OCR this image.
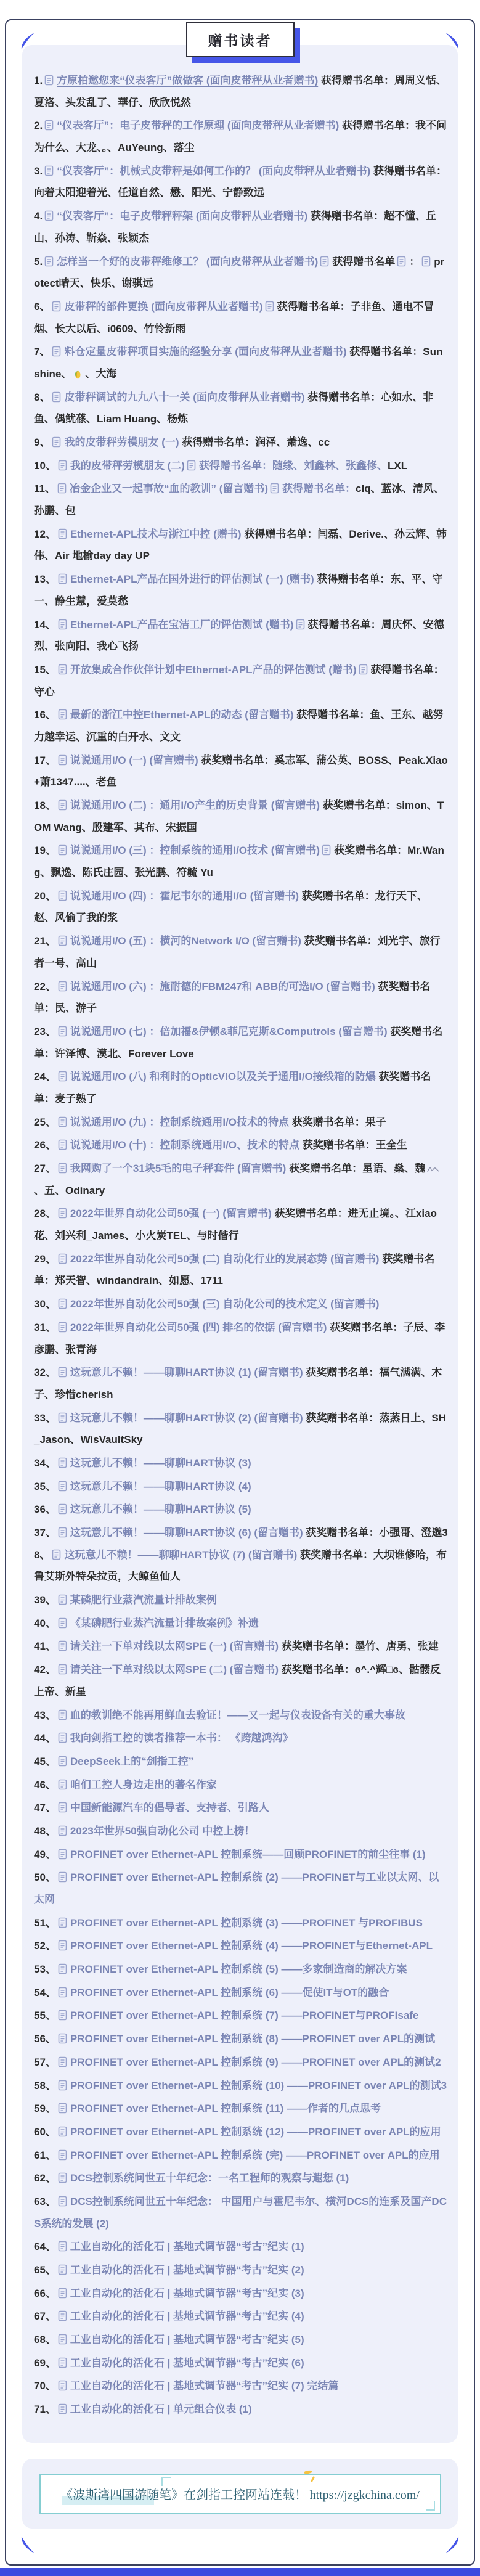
赠书读者

1. 方原柏邀您来“仪表客厅”做做客 (面向皮带秤从业者赠书) 获得赠书名单：周周义恬、夏洛、头发乱了、華仔、欣欣悦然

2. “仪表客厅”：电子皮带秤的工作原理 (面向皮带秤从业者赠书) 获得赠书名单：我不问为什么、大龙、。、AuYeung、落尘

3. “仪表客厅”：机械式皮带秤是如何工作的？ (面向皮带秤从业者赠书) 获得赠书名单：向着太阳迎着光、任道自然、懋、阳光、宁静致远

4. “仪表客厅”：电子皮带秤秤架 (面向皮带秤从业者赠书) 获得赠书名单：超不懂、丘山、孙涛、靳焱、张颖杰

5. 怎样当一个好的皮带秤维修工？ (面向皮带秤从业者赠书) 获得赠书名单 ： protect晴天、快乐、谢骐远

6、 皮带秤的部件更换 (面向皮带秤从业者赠书) 获得赠书名单：子非鱼、通电不冒烟、长大以后、i0609、竹怜新雨

7、 料仓定量皮带秤项目实施的经验分享 (面向皮带秤从业者赠书) 获得赠书名单：Sunshine、 、大海

8、 皮带秤调试的九九八十一关 (面向皮带秤从业者赠书) 获得赠书名单：心如水、非鱼、偶鱿蓧、Liam Huang、杨炼

9、 我的皮带秤劳模朋友 (一) 获得赠书名单：润泽、萧逸、cc

10、 我的皮带秤劳模朋友 (二) 获得赠书名单：随缘、刘鑫林、张鑫修、LXL

11、 冶金企业又一起事故“血的教训” (留言赠书) 获得赠书名单：clq、蓝冰、清风、孙鹏、包

12、 Ethernet-APL技术与浙江中控 (赠书) 获得赠书名单：闫磊、Derive.、孙云辉、韩伟、Air 地榆day day UP

13、 Ethernet-APL产品在国外进行的评估测试 (一) (赠书) 获得赠书名单：东、平、守一、静生慧，爱莫愁

14、 Ethernet-APL产品在宝洁工厂的评估测试 (赠书) 获得赠书名单：周庆怀、安德烈、张向阳、我心飞扬

15、 开放集成合作伙伴计划中Ethernet-APL产品的评估测试 (赠书) 获得赠书名单：守心

16、 最新的浙江中控Ethernet-APL的动态 (留言赠书) 获得赠书名单：鱼、王东、越努力越幸运、沉重的白开水、文文

17、 说说通用I/O (一) (留言赠书) 获奖赠书名单：奚志军、蒲公英、BOSS、Peak.Xiao+萧1347....、老鱼

18、 说说通用I/O (二) ：通用I/O产生的历史背景 (留言赠书) 获奖赠书名单：simon、TOM Wang、殷建军、其布、宋振国

19、 说说通用I/O (三) ：控制系统的通用I/O技术 (留言赠书) 获奖赠书名单：Mr.Wang、飘逸、陈氏庄园、张光鹏、符毓 Yu

20、 说说通用I/O (四) ：霍尼韦尔的通用I/O (留言赠书) 获奖赠书名单：龙行天下、赵、风偷了我的浆

21、 说说通用I/O (五) ：横河的Network I/O (留言赠书) 获奖赠书名单：刘光宇、旅行者一号、高山

22、 说说通用I/O (六) ：施耐德的FBM247和 ABB的可选I/O (留言赠书) 获奖赠书名单：民、游子

23、 说说通用I/O (七) ：倍加福&伊顿&菲尼克斯&Computrols (留言赠书) 获奖赠书名单：许泽博、漠北、Forever Love

24、 说说通用I/O (八) 和利时的OpticVIO以及关于通用I/O接线箱的防爆 获奖赠书名单：麦子熟了

25、 说说通用I/O (九) ：控制系统通用I/O技术的特点 获奖赠书名单：果子

26、 说说通用I/O (十) ：控制系统通用I/O、技术的特点 获奖赠书名单：王全生

27、 我网购了一个31块5毛的电子秤套件 (留言赠书) 获奖赠书名单：星语、燊、魏、五、Odinary

28、 2022年世界自动化公司50强 (一) (留言赠书) 获奖赠书名单：进无止境。、江xiao花、刘兴利_James、小火炭TEL、与时偕行

29、 2022年世界自动化公司50强 (二) 自动化行业的发展态势 (留言赠书) 获奖赠书名单：郑天智、windandrain、如愿、1711

30、 2022年世界自动化公司50强 (三) 自动化公司的技术定义 (留言赠书)

31、 2022年世界自动化公司50强 (四) 排名的依据 (留言赠书) 获奖赠书名单：子辰、李彦鹏、张青海

32、 这玩意儿不赖！——聊聊HART协议 (1) (留言赠书) 获奖赠书名单：福气满满、木子、珍惜cherish

33、 这玩意儿不赖！——聊聊HART协议 (2) (留言赠书) 获奖赠书名单：蒸蒸日上、SH_Jason、WisVaultSky

34、 这玩意儿不赖！——聊聊HART协议 (3)

35、 这玩意儿不赖！——聊聊HART协议 (4)

36、 这玩意儿不赖！——聊聊HART协议 (5)

37、 这玩意儿不赖！——聊聊HART协议 (6) (留言赠书) 获奖赠书名单：小强哥、澄邈38、 这玩意儿不赖！——聊聊HART协议 (7) (留言赠书) 获奖赠书名单：大坝谁修哈，布鲁艾斯外特朵拉贡，大鲸鱼仙人

39、 某磷肥行业蒸汽流量计排故案例

40、 《某磷肥行业蒸汽流量计排故案例》补遗

41、 请关注一下单对线以太网SPE (一) (留言赠书) 获奖赠书名单：墨竹、唐勇、张建

42、 请关注一下单对线以太网SPE (二) (留言赠书) 获奖赠书名单：ɞ^.^辉□ɞ、骷髅反上帝、新星

43、 血的教训绝不能再用鲜血去验证！——又一起与仪表设备有关的重大事故

44、 我向剑指工控的读者推荐一本书： 《跨越鸿沟》

45、 DeepSeek上的“剑指工控”

46、 咱们工控人身边走出的著名作家

47、 中国新能源汽车的倡导者、支持者、引路人

48、 2023年世界50强自动化公司 中控上榜！

49、 PROFINET over Ethernet-APL 控制系统——回顾PROFINET的前尘往事 (1)

50、 PROFINET over Ethernet-APL 控制系统 (2) ——PROFINET与工业以太网、以太网

51、 PROFINET over Ethernet-APL 控制系统 (3) ——PROFINET 与PROFIBUS

52、 PROFINET over Ethernet-APL 控制系统 (4) ——PROFINET与Ethernet-APL

53、 PROFINET over Ethernet-APL 控制系统 (5) ——多家制造商的解决方案

54、 PROFINET over Ethernet-APL 控制系统 (6) ——促使IT与OT的融合

55、 PROFINET over Ethernet-APL 控制系统 (7) ——PROFINET与PROFIsafe

56、 PROFINET over Ethernet-APL 控制系统 (8) ——PROFINET over APL的测试

57、 PROFINET over Ethernet-APL 控制系统 (9) ——PROFINET over APL的测试2

58、 PROFINET over Ethernet-APL 控制系统 (10) ——PROFINET over APL的测试3

59、 PROFINET over Ethernet-APL 控制系统 (11) ——作者的几点思考

60、 PROFINET over Ethernet-APL 控制系统 (12) ——PROFINET over APL的应用

61、 PROFINET over Ethernet-APL 控制系统 (完) ——PROFINET over APL的应用

62、 DCS控制系统问世五十年纪念：一名工程师的观察与遐想 (1)

63、 DCS控制系统问世五十年纪念： 中国用户与霍尼韦尔、横河DCS的连系及国产DCS系统的发展 (2)

64、 工业自动化的活化石 | 基地式调节器“考古”纪实 (1)

65、 工业自动化的活化石 | 基地式调节器“考古”纪实 (2)

66、 工业自动化的活化石 | 基地式调节器“考古”纪实 (3)

67、 工业自动化的活化石 | 基地式调节器“考古”纪实 (4)

68、 工业自动化的活化石 | 基地式调节器“考古”纪实 (5)

69、 工业自动化的活化石 | 基地式调节器“考古”纪实 (6)

70、 工业自动化的活化石 | 基地式调节器“考古”纪实 (7) 完结篇

71、 工业自动化的活化石 | 单元组合仪表 (1)

《波斯湾四国游随笔》在剑指工控网站连载！ https://jzgkchina.com/
